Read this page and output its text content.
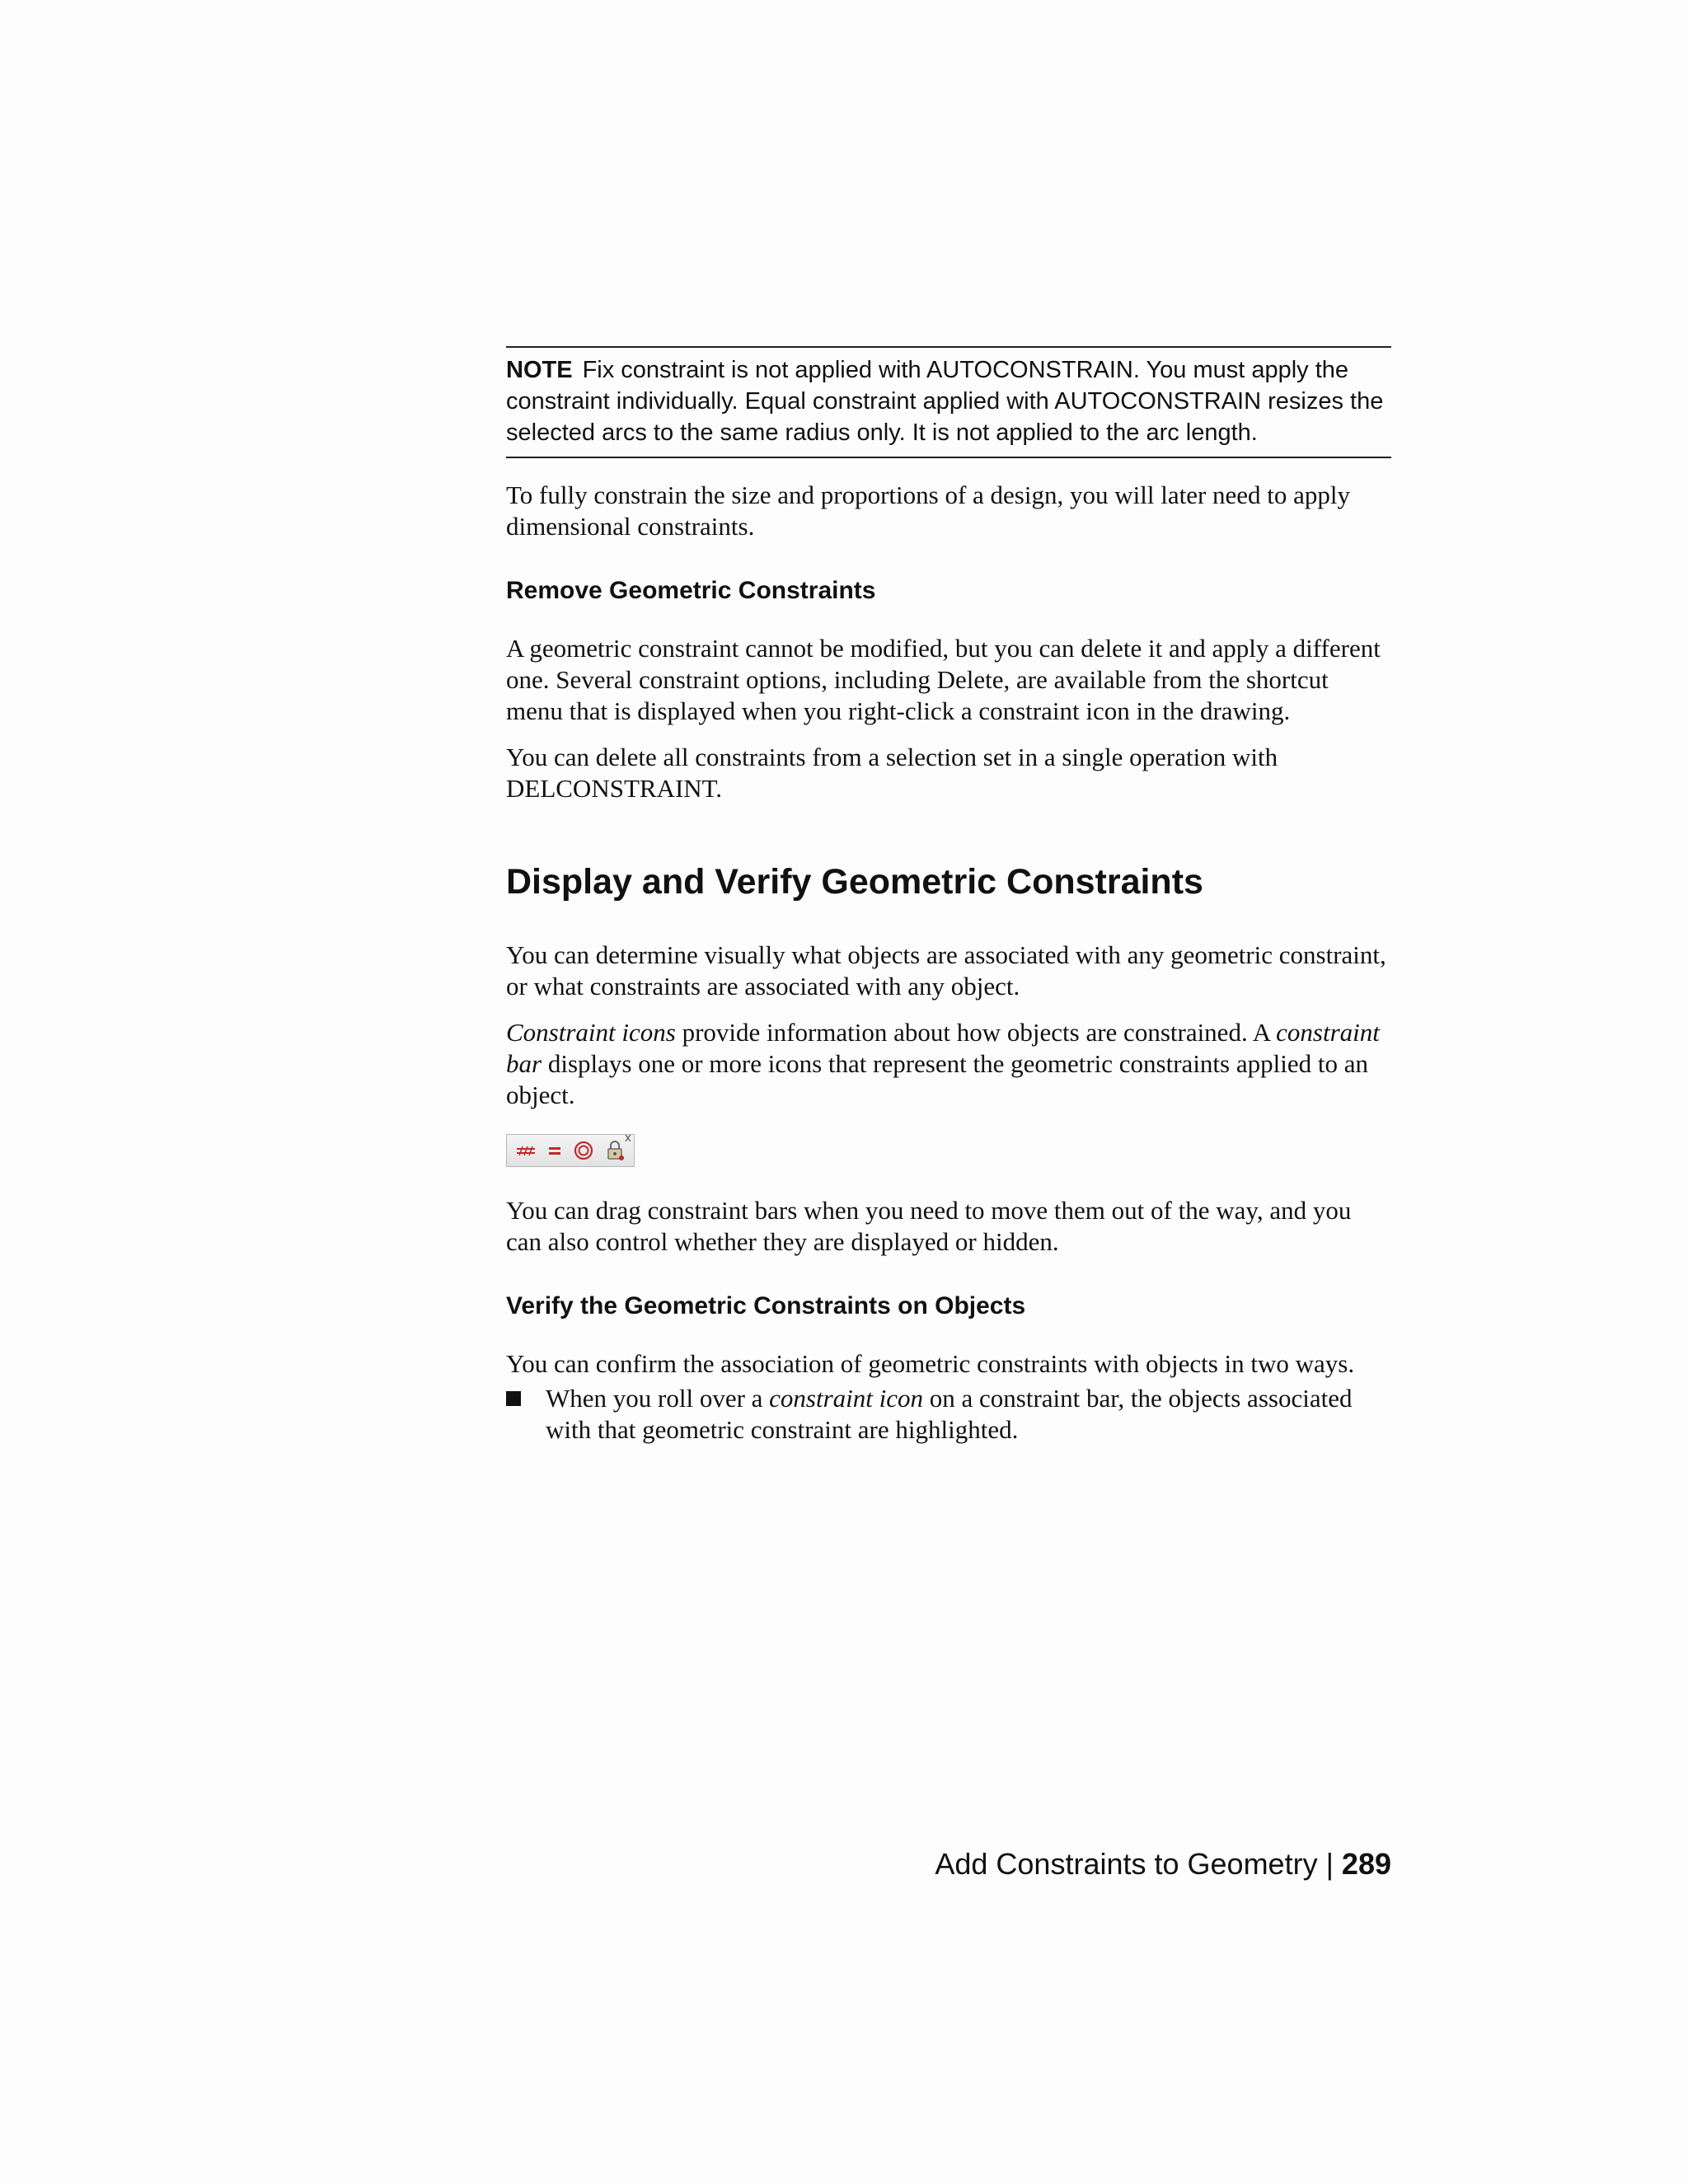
NOTE Fix constraint is not applied with AUTOCONSTRAIN. You must apply the constraint individually. Equal constraint applied with AUTOCONSTRAIN resizes the selected arcs to the same radius only. It is not applied to the arc length.

To fully constrain the size and proportions of a design, you will later need to apply dimensional constraints.

Remove Geometric Constraints

A geometric constraint cannot be modified, but you can delete it and apply a different one. Several constraint options, including Delete, are available from the shortcut menu that is displayed when you right-click a constraint icon in the drawing.

You can delete all constraints from a selection set in a single operation with DELCONSTRAINT.

Display and Verify Geometric Constraints

You can determine visually what objects are associated with any geometric constraint, or what constraints are associated with any object.

Constraint icons provide information about how objects are constrained. A constraint bar displays one or more icons that represent the geometric constraints applied to an object.

x

You can drag constraint bars when you need to move them out of the way, and you can also control whether they are displayed or hidden.

Verify the Geometric Constraints on Objects

You can confirm the association of geometric constraints with objects in two ways.

When you roll over a constraint icon on a constraint bar, the objects associated with that geometric constraint are highlighted.
Add Constraints to Geometry | 289
